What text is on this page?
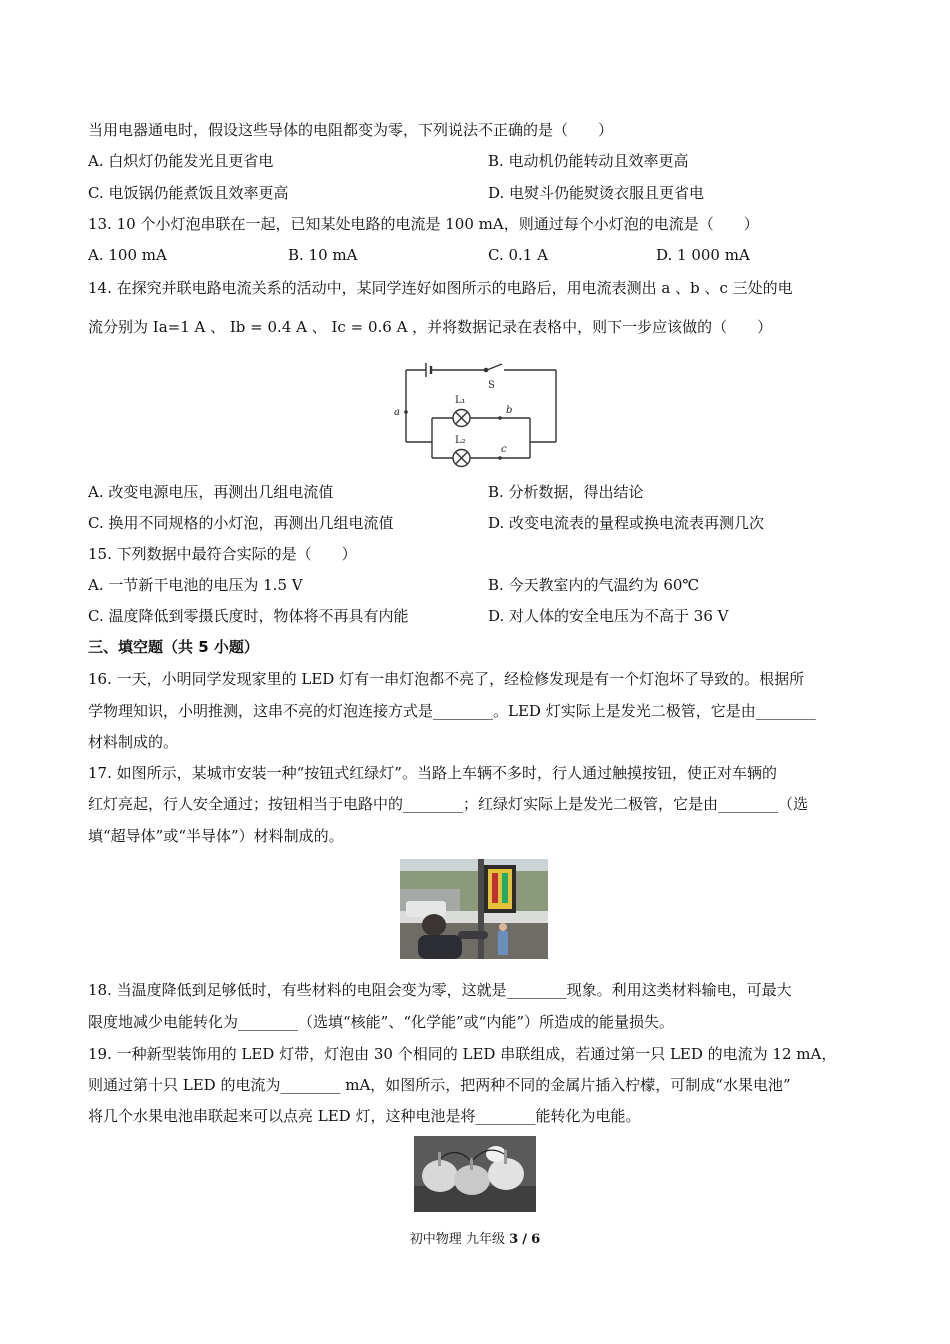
当用电器通电时，假设这些导体的电阻都变为零，下列说法不正确的是（　　）
A. 白炽灯仍能发光且更省电	B. 电动机仍能转动且效率更高
C. 电饭锅仍能煮饭且效率更高	D. 电熨斗仍能熨烫衣服且更省电
13. 10 个小灯泡串联在一起，已知某处电路的电流是 100 mA，则通过每个小灯泡的电流是（　　）
A. 100 mA	B. 10 mA	C. 0.1 A	D. 1 000 mA
14. 在探究并联电路电流关系的活动中，某同学连好如图所示的电路后，用电流表测出 a 、b 、c 三处的电
流分别为 Ia=1 A 、 Ib = 0.4 A 、 Ic = 0.6 A ，并将数据记录在表格中，则下一步应该做的（　　）
S
L₁
L₂
a	b
c
A. 改变电源电压，再测出几组电流值	B. 分析数据，得出结论
C. 换用不同规格的小灯泡，再测出几组电流值	D. 改变电流表的量程或换电流表再测几次
15. 下列数据中最符合实际的是（　　）
A. 一节新干电池的电压为 1.5 V	B. 今天教室内的气温约为 60℃
C. 温度降低到零摄氏度时，物体将不再具有内能	D. 对人体的安全电压为不高于 36 V
三、填空题（共 5 小题）
16. 一天，小明同学发现家里的 LED 灯有一串灯泡都不亮了，经检修发现是有一个灯泡坏了导致的。根据所
学物理知识，小明推测，这串不亮的灯泡连接方式是________。LED 灯实际上是发光二极管，它是由________
材料制成的。
17. 如图所示，某城市安装一种“按钮式红绿灯”。当路上车辆不多时，行人通过触摸按钮，使正对车辆的
红灯亮起，行人安全通过；按钮相当于电路中的________；红绿灯实际上是发光二极管，它是由________（选
填“超导体”或“半导体”）材料制成的。
18. 当温度降低到足够低时，有些材料的电阻会变为零，这就是________现象。利用这类材料输电，可最大
限度地减少电能转化为________（选填“核能”、“化学能”或“内能”）所造成的能量损失。
19. 一种新型装饰用的 LED 灯带，灯泡由 30 个相同的 LED 串联组成，若通过第一只 LED 的电流为 12 mA，
则通过第十只 LED 的电流为________ mA，如图所示，把两种不同的金属片插入柠檬，可制成“水果电池”
将几个水果电池串联起来可以点亮 LED 灯，这种电池是将________能转化为电能。
初中物理 九年级 3 / 6
